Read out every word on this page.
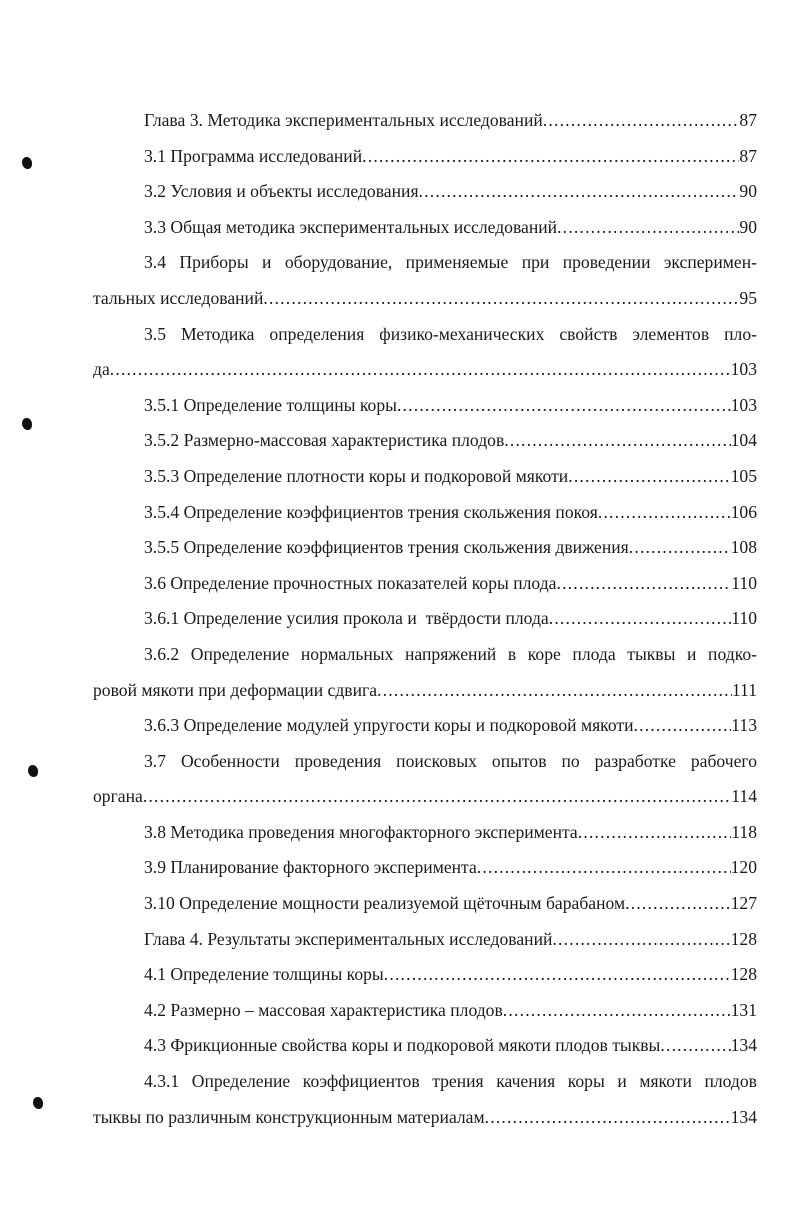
Глава 3. Методика экспериментальных исследований .....	87
3.1 Программа исследований .....	87
3.2 Условия и объекты исследования .....	90
3.3 Общая методика экспериментальных исследований .....	90
3.4 Приборы и оборудование, применяемые при проведении эксперимен-
тальных исследований .....	95
3.5 Методика определения физико-механических свойств элементов пло-
да .....	103
3.5.1 Определение толщины коры .....	103
3.5.2 Размерно-массовая характеристика плодов .....	104
3.5.3 Определение плотности коры и подкоровой мякоти .....	105
3.5.4 Определение коэффициентов трения скольжения покоя .....	106
3.5.5 Определение коэффициентов трения скольжения движения .....	108
3.6 Определение прочностных показателей коры плода .....	110
3.6.1 Определение усилия прокола и  твёрдости плода .....	110
3.6.2 Определение нормальных напряжений в коре плода тыквы и подко-
ровой мякоти при деформации сдвига .....	111
3.6.3 Определение модулей упругости коры и подкоровой мякоти .....	113
3.7 Особенности проведения поисковых опытов по разработке рабочего
органа .....	114
3.8 Методика проведения многофакторного эксперимента .....	118
3.9 Планирование факторного эксперимента .....	120
3.10 Определение мощности реализуемой щёточным барабаном .....	127
Глава 4. Результаты экспериментальных исследований .....	128
4.1 Определение толщины коры .....	128
4.2 Размерно – массовая характеристика плодов .....	131
4.3 Фрикционные свойства коры и подкоровой мякоти плодов тыквы .....	134
4.3.1 Определение коэффициентов трения качения коры и мякоти плодов
тыквы по различным конструкционным материалам .....	134
